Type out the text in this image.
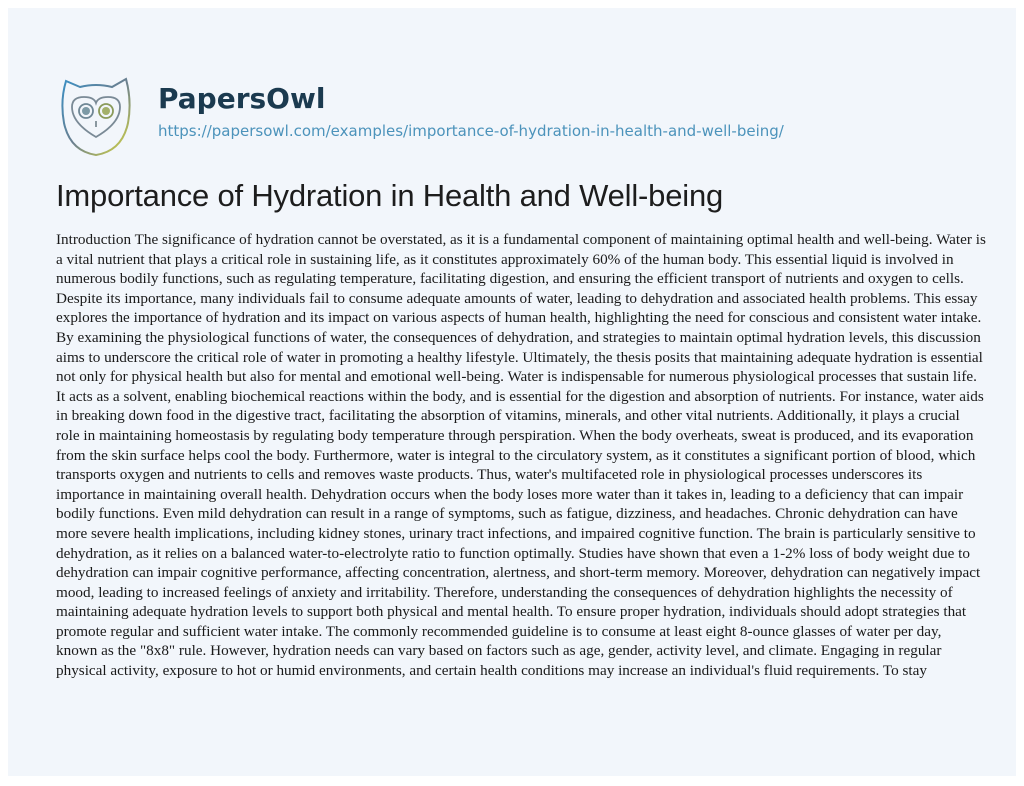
PapersOwl
https://papersowl.com/examples/importance-of-hydration-in-health-and-well-being/
Importance of Hydration in Health and Well-being

Introduction The significance of hydration cannot be overstated, as it is a fundamental component of maintaining optimal health and well-being. Water is a vital nutrient that plays a critical role in sustaining life, as it constitutes approximately 60% of the human body. This essential liquid is involved in numerous bodily functions, such as regulating temperature, facilitating digestion, and ensuring the efficient transport of nutrients and oxygen to cells. Despite its importance, many individuals fail to consume adequate amounts of water, leading to dehydration and associated health problems. This essay explores the importance of hydration and its impact on various aspects of human health, highlighting the need for conscious and consistent water intake. By examining the physiological functions of water, the consequences of dehydration, and strategies to maintain optimal hydration levels, this discussion aims to underscore the critical role of water in promoting a healthy lifestyle. Ultimately, the thesis posits that maintaining adequate hydration is essential not only for physical health but also for mental and emotional well-being. Water is indispensable for numerous physiological processes that sustain life. It acts as a solvent, enabling biochemical reactions within the body, and is essential for the digestion and absorption of nutrients. For instance, water aids in breaking down food in the digestive tract, facilitating the absorption of vitamins, minerals, and other vital nutrients. Additionally, it plays a crucial role in maintaining homeostasis by regulating body temperature through perspiration. When the body overheats, sweat is produced, and its evaporation from the skin surface helps cool the body. Furthermore, water is integral to the circulatory system, as it constitutes a significant portion of blood, which transports oxygen and nutrients to cells and removes waste products. Thus, water's multifaceted role in physiological processes underscores its importance in maintaining overall health. Dehydration occurs when the body loses more water than it takes in, leading to a deficiency that can impair bodily functions. Even mild dehydration can result in a range of symptoms, such as fatigue, dizziness, and headaches. Chronic dehydration can have more severe health implications, including kidney stones, urinary tract infections, and impaired cognitive function. The brain is particularly sensitive to dehydration, as it relies on a balanced water-to-electrolyte ratio to function optimally. Studies have shown that even a 1-2% loss of body weight due to dehydration can impair cognitive performance, affecting concentration, alertness, and short-term memory. Moreover, dehydration can negatively impact mood, leading to increased feelings of anxiety and irritability. Therefore, understanding the consequences of dehydration highlights the necessity of maintaining adequate hydration levels to support both physical and mental health. To ensure proper hydration, individuals should adopt strategies that promote regular and sufficient water intake. The commonly recommended guideline is to consume at least eight 8-ounce glasses of water per day, known as the "8x8" rule. However, hydration needs can vary based on factors such as age, gender, activity level, and climate. Engaging in regular physical activity, exposure to hot or humid environments, and certain health conditions may increase an individual's fluid requirements. To stay
